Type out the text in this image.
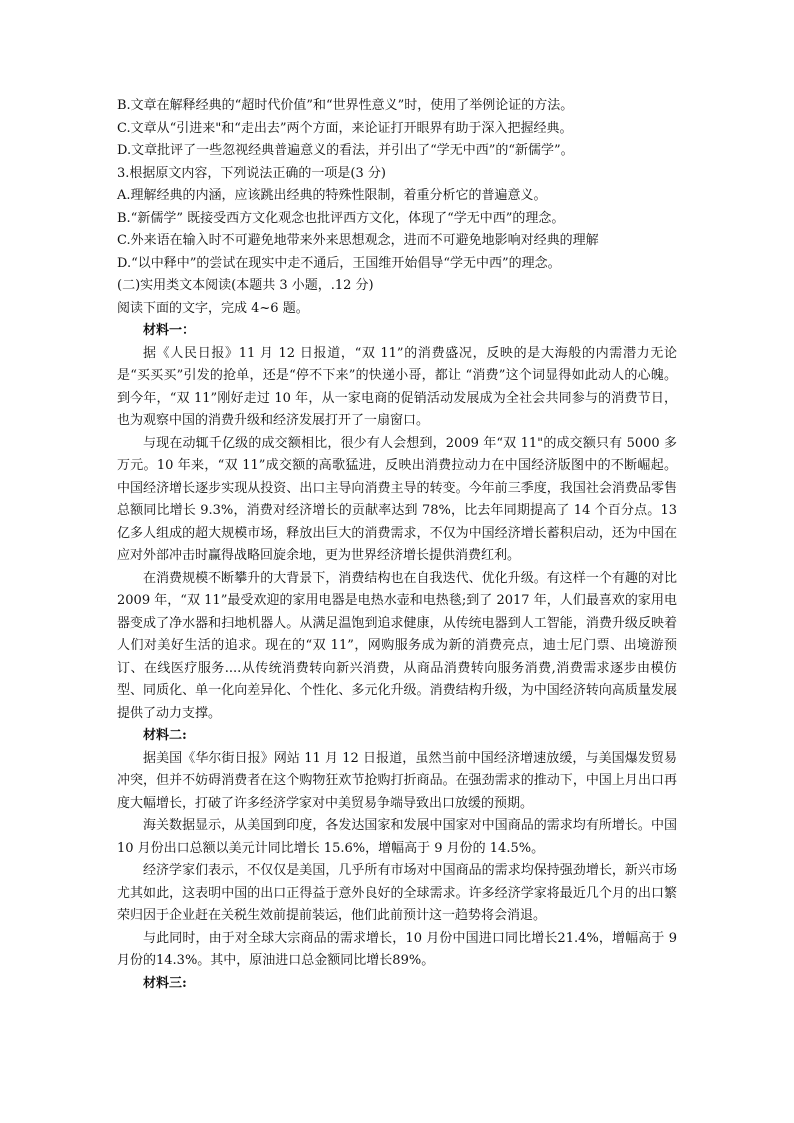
B.文章在解释经典的“超时代价值”和“世界性意义”时，使用了举例论证的方法。

C.文章从“引进来"和“走出去”两个方面，来论证打开眼界有助于深入把握经典。

D.文章批评了一些忽视经典普遍意义的看法，并引出了“学无中西”的“新儒学”。

3.根据原文内容，下列说法正确的一项是(3 分)

A.理解经典的内涵，应该跳出经典的特殊性限制，着重分析它的普遍意义。

B.“新儒学” 既接受西方文化观念也批评西方文化，体现了“学无中西”的理念。

C.外来语在输入时不可避免地带来外来思想观念，进而不可避免地影响对经典的理解

D.“以中释中”的尝试在现实中走不通后，王国维开始倡导“学无中西”的理念。

(二)实用类文本阅读(本题共 3 小题，.12 分)

阅读下面的文字，完成 4~6 题。

材料一：

据《人民日报》11 月 12 日报道，“双 11”的消费盛况，反映的是大海般的内需潜力无论是“买买买”引发的抢单，还是“停不下来”的快递小哥，都让 “消费”这个词显得如此动人的心魄。到今年，“双 11”刚好走过 10 年，从一家电商的促销活动发展成为全社会共同参与的消费节日，也为观察中国的消费升级和经济发展打开了一扇窗口。

与现在动辄千亿级的成交额相比，很少有人会想到，2009 年“双 11"的成交额只有 5000 多万元。10 年来，“双 11”成交额的高歌猛进，反映出消费拉动力在中国经济版图中的不断崛起。中国经济增长逐步实现从投资、出口主导向消费主导的转变。今年前三季度，我国社会消费品零售总额同比增长 9.3%，消费对经济增长的贡献率达到 78%，比去年同期提高了 14 个百分点。13 亿多人组成的超大规模市场，释放出巨大的消费需求，不仅为中国经济增长蓄积启动，还为中国在应对外部冲击时赢得战略回旋余地，更为世界经济增长提供消费红利。

在消费规模不断攀升的大背景下，消费结构也在自我迭代、优化升级。有这样一个有趣的对比 2009 年，“双 11”最受欢迎的家用电器是电热水壶和电热毯;到了 2017 年，人们最喜欢的家用电器变成了净水器和扫地机器人。从满足温饱到追求健康，从传统电器到人工智能，消费升级反映着人们对美好生活的追求。现在的“双 11”，网购服务成为新的消费亮点，迪士尼门票、出境游预订、在线医疗服务....从传统消费转向新兴消费，从商品消费转向服务消费,消费需求逐步由模仿型、同质化、单一化向差异化、个性化、多元化升级。消费结构升级，为中国经济转向高质量发展提供了动力支撑。

材料二:

据美国《华尔街日报》网站 11 月 12 日报道，虽然当前中国经济增速放缓，与美国爆发贸易冲突，但并不妨碍消费者在这个购物狂欢节抢购打折商品。在强劲需求的推动下，中国上月出口再度大幅增长，打破了许多经济学家对中美贸易争端导致出口放缓的预期。

海关数据显示，从美国到印度，各发达国家和发展中国家对中国商品的需求均有所增长。中国 10 月份出口总额以美元计同比增长 15.6%，增幅高于 9 月份的 14.5%。

经济学家们表示，不仅仅是美国，几乎所有市场对中国商品的需求均保持强劲增长，新兴市场尤其如此，这表明中国的出口正得益于意外良好的全球需求。许多经济学家将最近几个月的出口繁荣归因于企业赶在关税生效前提前装运，他们此前预计这一趋势将会消退。

与此同时，由于对全球大宗商品的需求增长，10 月份中国进口同比增长21.4%，增幅高于 9 月份的14.3%。其中，原油进口总金额同比增长89%。

材料三:
